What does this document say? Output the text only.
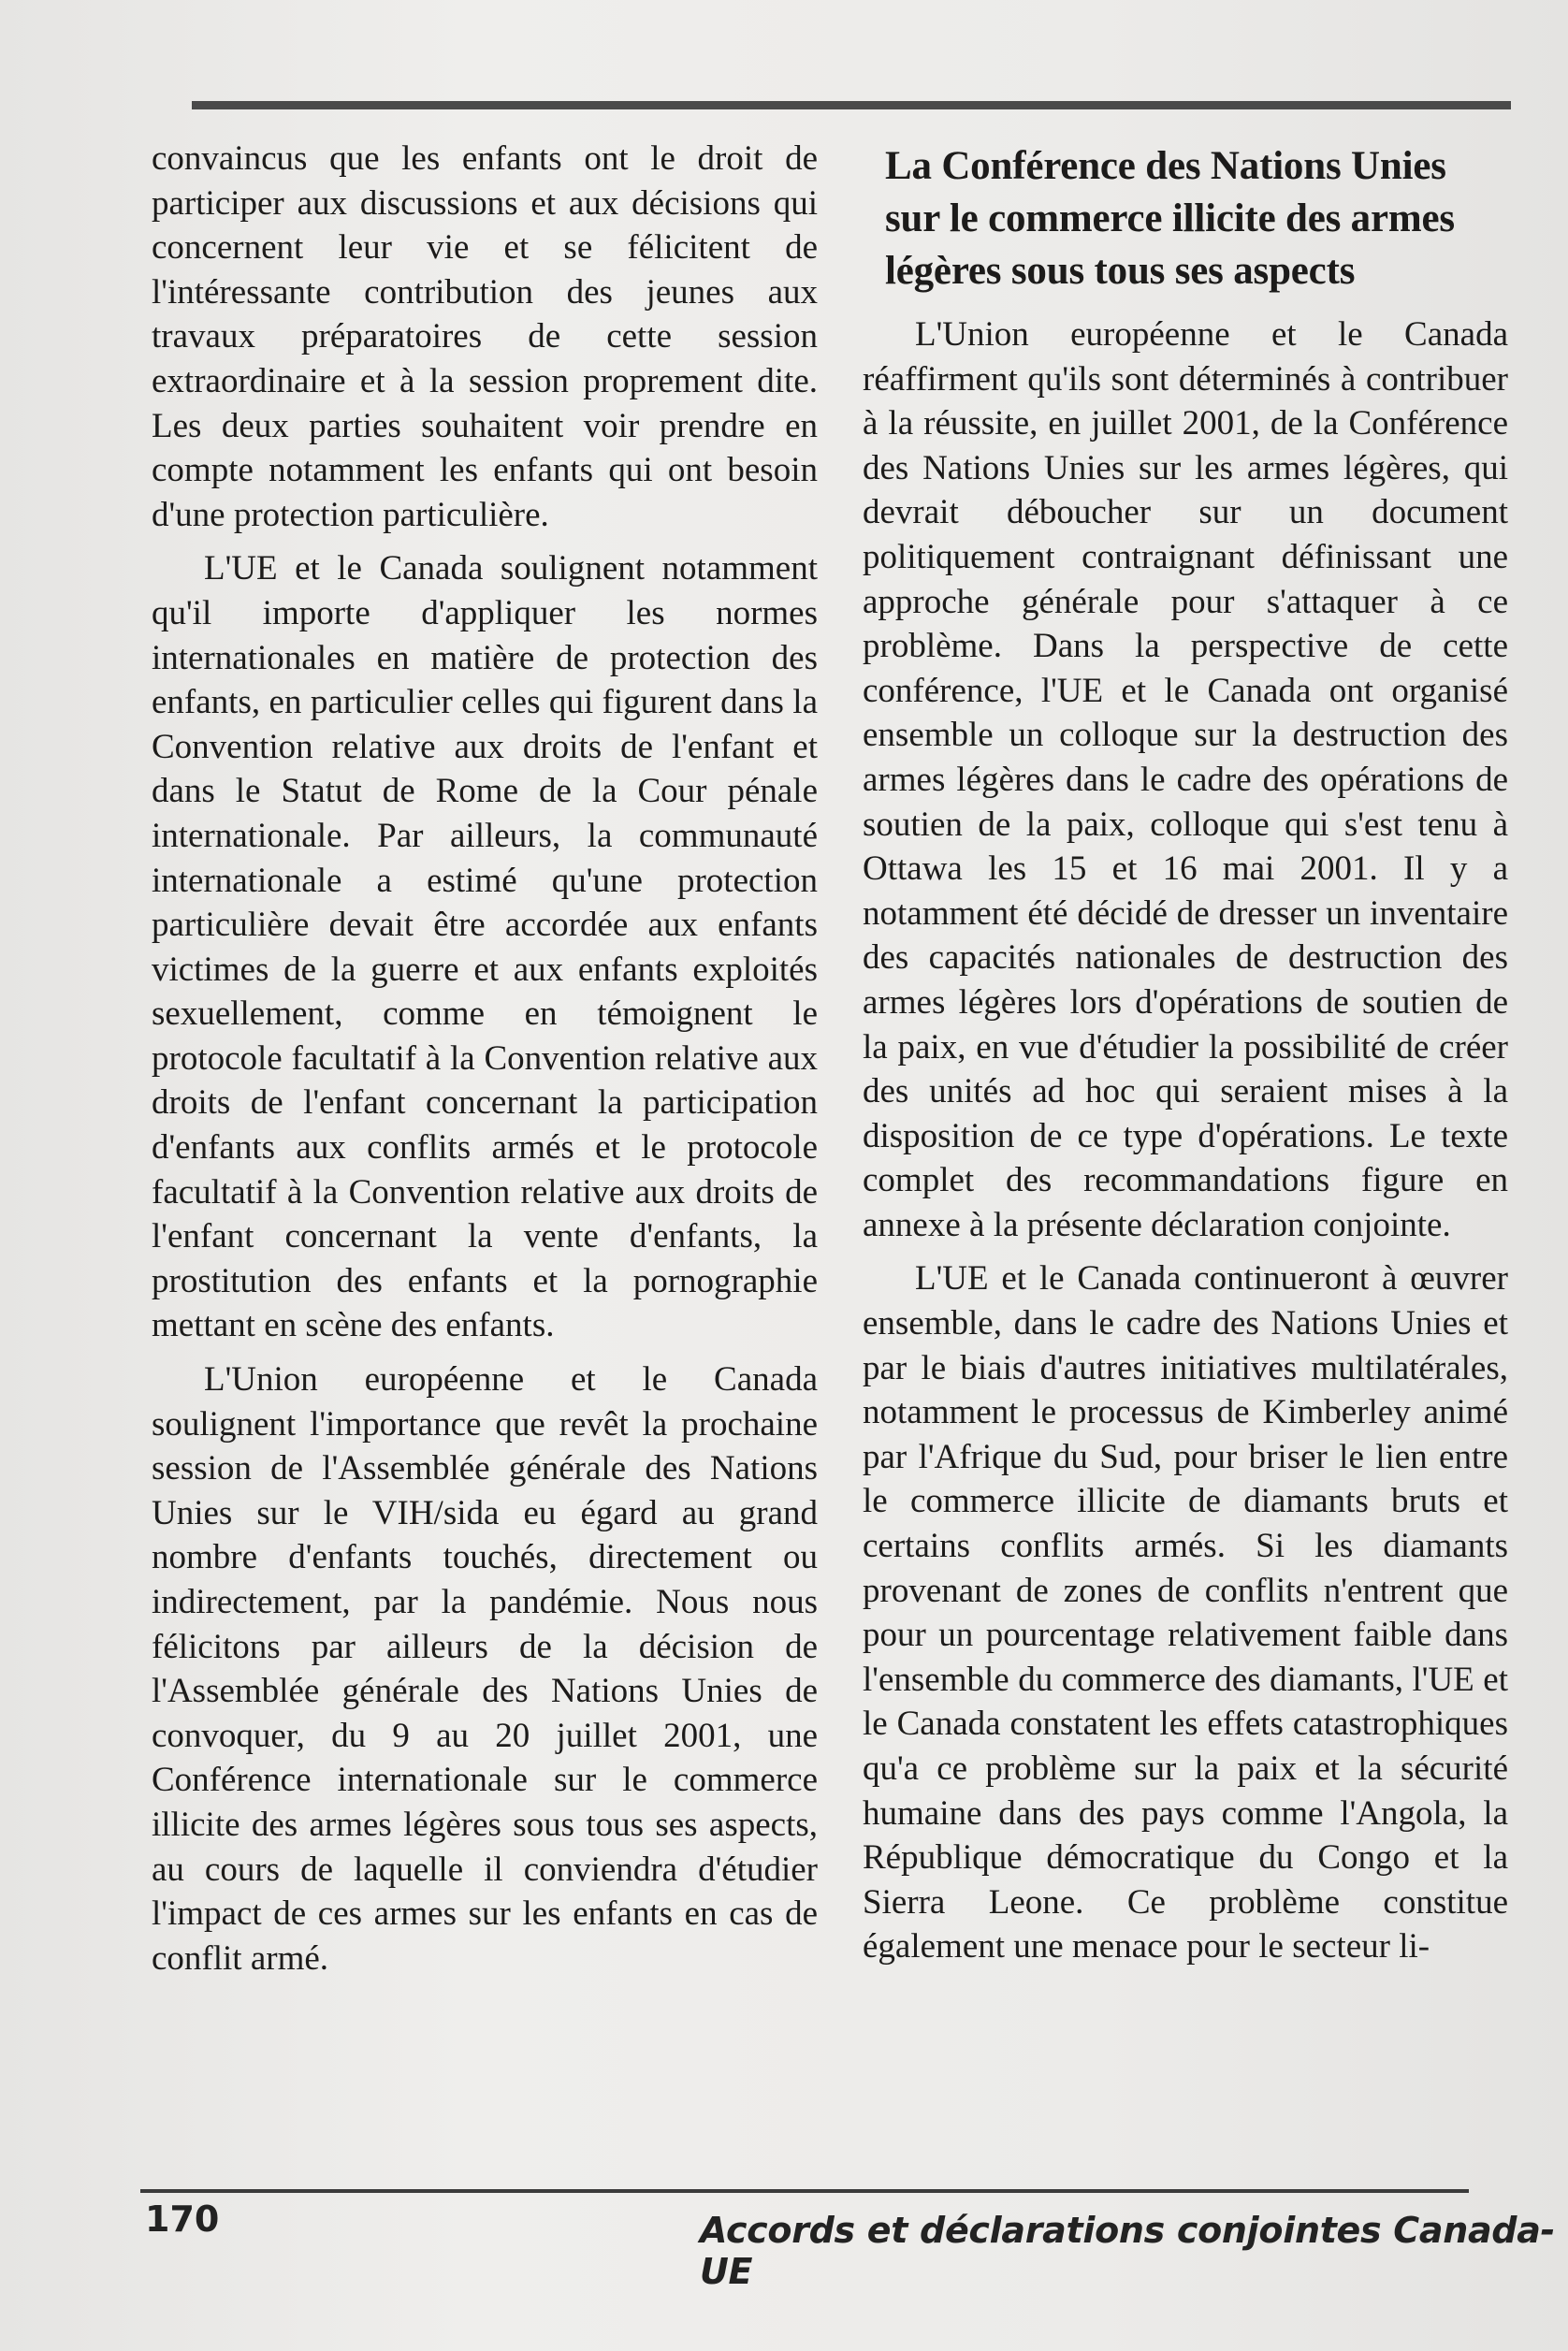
convaincus que les enfants ont le droit de participer aux discussions et aux décisions qui concernent leur vie et se félicitent de l'intéressante contribution des jeunes aux travaux préparatoires de cette session extraordinaire et à la session proprement dite. Les deux parties souhaitent voir prendre en compte notamment les enfants qui ont besoin d'une protection particulière.

L'UE et le Canada soulignent notamment qu'il importe d'appliquer les normes internationales en matière de protection des enfants, en particulier celles qui figurent dans la Convention relative aux droits de l'enfant et dans le Statut de Rome de la Cour pénale internationale. Par ailleurs, la communauté internationale a estimé qu'une protection particulière devait être accordée aux enfants victimes de la guerre et aux enfants exploités sexuellement, comme en témoignent le protocole facultatif à la Convention relative aux droits de l'enfant concernant la participation d'enfants aux conflits armés et le protocole facultatif à la Convention relative aux droits de l'enfant concernant la vente d'enfants, la prostitution des enfants et la pornographie mettant en scène des enfants.

L'Union européenne et le Canada soulignent l'importance que revêt la prochaine session de l'Assemblée générale des Nations Unies sur le VIH/sida eu égard au grand nombre d'enfants touchés, directement ou indirectement, par la pandémie. Nous nous félicitons par ailleurs de la décision de l'Assemblée générale des Nations Unies de convoquer, du 9 au 20 juillet 2001, une Conférence internationale sur le commerce illicite des armes légères sous tous ses aspects, au cours de laquelle il conviendra d'étudier l'impact de ces armes sur les enfants en cas de conflit armé.

La Conférence des Nations Unies sur le commerce illicite des armes légères sous tous ses aspects

L'Union européenne et le Canada réaffirment qu'ils sont déterminés à contribuer à la réussite, en juillet 2001, de la Conférence des Nations Unies sur les armes légères, qui devrait déboucher sur un document politiquement contraignant définissant une approche générale pour s'attaquer à ce problème. Dans la perspective de cette conférence, l'UE et le Canada ont organisé ensemble un colloque sur la destruction des armes légères dans le cadre des opérations de soutien de la paix, colloque qui s'est tenu à Ottawa les 15 et 16 mai 2001. Il y a notamment été décidé de dresser un inventaire des capacités nationales de destruction des armes légères lors d'opérations de soutien de la paix, en vue d'étudier la possibilité de créer des unités ad hoc qui seraient mises à la disposition de ce type d'opérations. Le texte complet des recommandations figure en annexe à la présente déclaration conjointe.

L'UE et le Canada continueront à œuvrer ensemble, dans le cadre des Nations Unies et par le biais d'autres initiatives multilatérales, notamment le processus de Kimberley animé par l'Afrique du Sud, pour briser le lien entre le commerce illicite de diamants bruts et certains conflits armés. Si les diamants provenant de zones de conflits n'entrent que pour un pourcentage relativement faible dans l'ensemble du commerce des diamants, l'UE et le Canada constatent les effets catastrophiques qu'a ce problème sur la paix et la sécurité humaine dans des pays comme l'Angola, la République démocratique du Congo et la Sierra Leone. Ce problème constitue également une menace pour le secteur li-

170	Accords et déclarations conjointes Canada-UE
